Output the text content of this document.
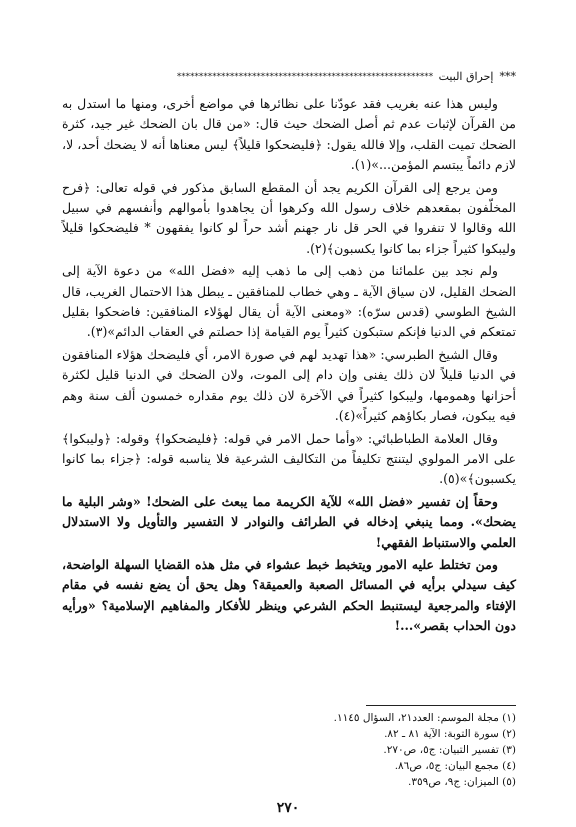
***
إحراق البيت
**********************************************************

وليس هذا عنه بغريب فقد عودّنا على نظائرها في مواضع أخرى، ومنها ما استدل به من القرآن لإثبات عدم ثم أصل الضحك حيث قال: «من قال بان الضحك غير جيد، كثرة الضحك تميت القلب، وإلا فالله يقول: ﴿فليضحكوا قليلاً﴾ ليس معناها أنه لا يضحك أحد، لا، لازم دائماً يبتسم المؤمن...»(١).

ومن يرجع إلى القرآن الكريم يجد أن المقطع السابق مذكور في قوله تعالى: ﴿فرح المخلّفون بمقعدهم خلاف رسول الله وكرهوا أن يجاهدوا بأموالهم وأنفسهم في سبيل الله وقالوا لا تنفروا في الحر قل نار جهنم أشد حراً لو كانوا يفقهون * فليضحكوا قليلاً وليبكوا كثيراً جزاء بما كانوا يكسبون﴾(٢).

ولم نجد بين علمائنا من ذهب إلى ما ذهب إليه «فضل الله» من دعوة الآية إلى الضحك القليل، لان سياق الآية ـ وهي خطاب للمنافقين ـ يبطل هذا الاحتمال الغريب، قال الشيخ الطوسي (قدس سرّه): «ومعنى الآية أن يقال لهؤلاء المنافقين: فاضحكوا بقليل تمتعكم في الدنيا فإنكم ستبكون كثيراً يوم القيامة إذا حصلتم في العقاب الدائم»(٣).

وقال الشيخ الطبرسي: «هذا تهديد لهم في صورة الامر، أي فليضحك هؤلاء المنافقون في الدنيا قليلاً لان ذلك يفنى وإن دام إلى الموت، ولان الضحك في الدنيا قليل لكثرة أحزانها وهمومها، وليبكوا كثيراً في الآخرة لان ذلك يوم مقداره خمسون ألف سنة وهم فيه يبكون، فصار بكاؤهم كثيراً»(٤).

وقال العلامة الطباطبائي: «وأما حمل الامر في قوله: ﴿فليضحكوا﴾ وقوله: ﴿وليبكوا﴾ على الامر المولوي ليتنتج تكليفاً من التكاليف الشرعية فلا يناسبه قوله: ﴿جزاء بما كانوا يكسبون﴾»(٥).

وحقاً إن تفسير «فضل الله» للآية الكريمة مما يبعث على الضحك! «وشر البلية ما يضحك». ومما ينبغي إدخاله في الطرائف والنوادر لا التفسير والتأويل ولا الاستدلال العلمي والاستنباط الفقهي!

ومن تختلط عليه الامور ويتخبط خبط عشواء في مثل هذه القضايا السهلة الواضحة، كيف سيدلي برأيه في المسائل الصعبة والعميقة؟ وهل يحق أن يضع نفسه في مقام الإفتاء والمرجعية ليستنبط الحكم الشرعي وينظر للأفكار والمفاهيم الإسلامية؟ «ورأيه دون الحداب بقصر»...!

(١) مجلة الموسم: العدد٢١، السؤال ١١٤٥.
(٢) سورة التوبة: الآية ٨١ ـ ٨٢.
(٣) تفسير التبيان: ج٥، ص٢٧٠.
(٤) مجمع البيان: ج٥، ص٨٦.
(٥) الميزان: ج٩، ص٣٥٩.
٢٧٠
